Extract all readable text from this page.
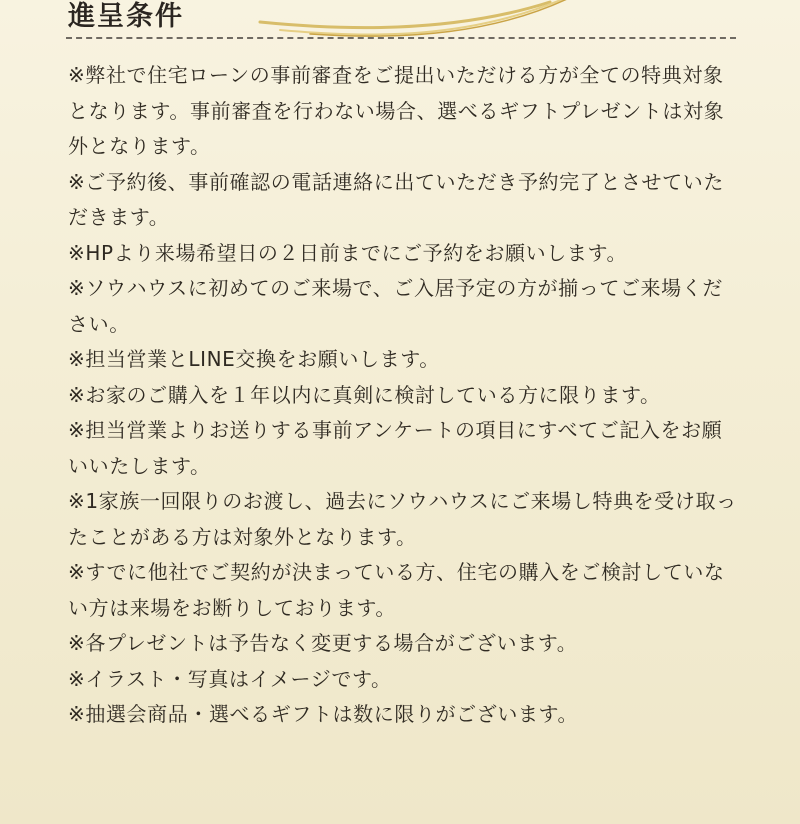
進呈条件
※弊社で住宅ローンの事前審査をご提出いただける方が全ての特典対象となります。事前審査を行わない場合、選べるギフトプレゼントは対象外となります。
※ご予約後、事前確認の電話連絡に出ていただき予約完了とさせていただきます。
※HPより来場希望日の２日前までにご予約をお願いします。
※ソウハウスに初めてのご来場で、ご入居予定の方が揃ってご来場ください。
※担当営業とLINE交換をお願いします。
※お家のご購入を１年以内に真剣に検討している方に限ります。
※担当営業よりお送りする事前アンケートの項目にすべてご記入をお願いいたします。
※1家族一回限りのお渡し、過去にソウハウスにご来場し特典を受け取ったことがある方は対象外となります。
※すでに他社でご契約が決まっている方、住宅の購入をご検討していない方は来場をお断りしております。
※各プレゼントは予告なく変更する場合がございます。
※イラスト・写真はイメージです。
※抽選会商品・選べるギフトは数に限りがございます。
